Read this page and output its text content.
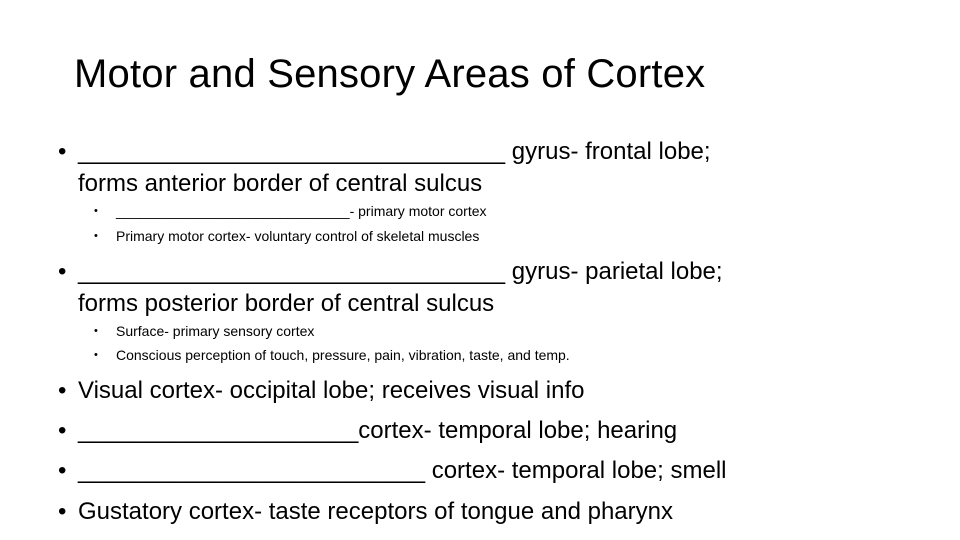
Motor and Sensory Areas of Cortex
• ________________________________ gyrus- frontal lobe;
forms anterior border of central sulcus
• ______________________________- primary motor cortex
• Primary motor cortex- voluntary control of skeletal muscles
• ________________________________ gyrus- parietal lobe;
forms posterior border of central sulcus
• Surface- primary sensory cortex
• Conscious perception of touch, pressure, pain, vibration, taste, and temp.
• Visual cortex- occipital lobe; receives visual info
• _____________________cortex- temporal lobe; hearing
• __________________________ cortex- temporal lobe; smell
• Gustatory cortex- taste receptors of tongue and pharynx
